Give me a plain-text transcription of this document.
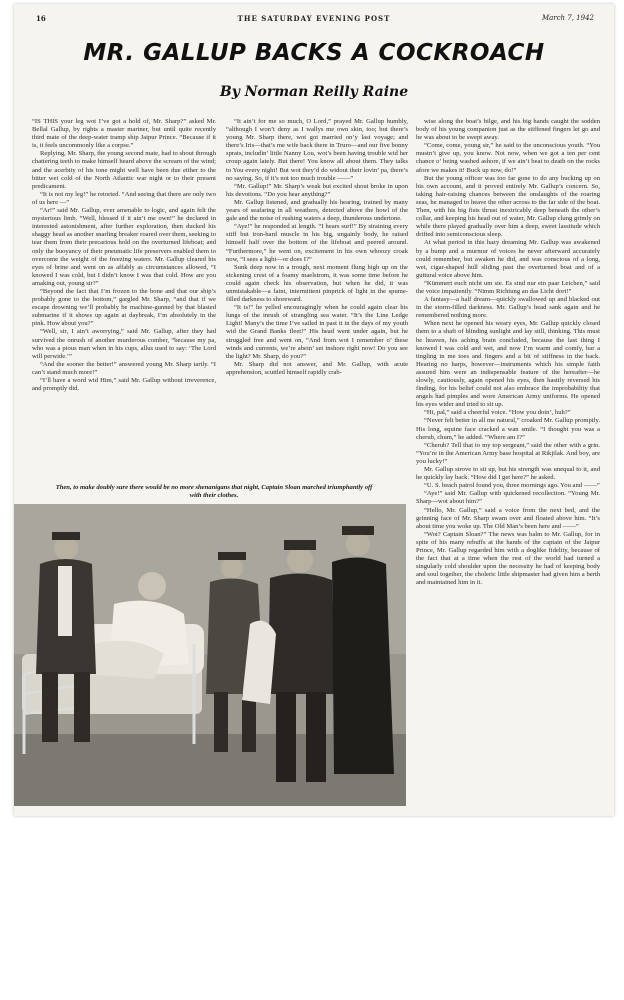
16	THE SATURDAY EVENING POST	March 7, 1942
MR. GALLUP BACKS A COCKROACH
By Norman Reilly Raine

“IS THIS your leg wot I’ve got a hold of, Mr. Sharp?” asked Mr. Bellal Gallup, by rights a master mariner, but until quite recently third mate of the deep-water tramp ship Jaipur Prince. “Because if it is, it feels uncommonly like a corpse.”

Replying, Mr. Sharp, the young second mate, had to shout through chattering teeth to make himself heard above the scream of the wind; and the acerbity of his tone might well have been due either to the bitter wet cold of the North Atlantic war night or to their present predicament.

“It is not my leg!” he retorted. “And seeing that there are only two of us here —”

“Ar!” said Mr. Gallup, ever amenable to logic, and again felt the mysterious limb. “Well, blessed if it ain’t me own!” he declared in interested astonishment, after further exploration, then ducked his shaggy head as another snarling breaker roared over them, seeking to tear them from their precarious hold on the overturned lifeboat; and only the buoyancy of their pneumatic life preservers enabled them to overcome the weight of the freezing waters. Mr. Gallup cleared his eyes of brine and went on as affably as circumstances allowed, “I knowed I was cold, but I didn’t know I was that cold. How are you amaking out, young sir?”

“Beyond the fact that I’m frozen to the bone and that our ship’s probably gone to the bottom,” gargled Mr. Sharp, “and that if we escape drowning we’ll probably be machine-gunned by that blasted submarine if it shows up again at daybreak, I’m absolutely in the pink. How about you?”

“Well, sir, I ain’t aworrying,” said Mr. Gallup, after they had survived the onrush of another murderous comber, “because my pa, who was a pious man when in his cups, allus used to say: ‘The Lord will perwide.’”

“And the sooner the better!” answered young Mr. Sharp tartly. “I can’t stand much more!”

“I’ll have a word wid Him,” said Mr. Gallup without irreverence, and promptly did.

“It ain’t for me so much, O Lord,” prayed Mr. Gallup humbly, “although I won’t deny as I wallys me own skin, too; but there’s young Mr. Sharp there, wot got married on’y last voyage; and there’s Iris—that’s me wife back there in Truro—and our five bonny sprats, includin’ little Nanny Lou, wot’s been having trouble wid her croup again lately. But there! You know all about them. They talks to You every night! But wot they’d do widout their lovin’ pa, there’s no saying. So, if it’s not too much trouble ——”

“Mr. Gallup!” Mr. Sharp’s weak but excited shout broke in upon his devotions. “Do you hear anything?”

Mr. Gallup listened, and gradually his hearing, trained by many years of seafaring in all weathers, detected above the howl of the gale and the noise of rushing waters a deep, thunderous undertone.

“Aye!” he responded at length. “I hears surf!” By straining every stiff but iron-hard muscle in his big, ungainly body, he raised himself half over the bottom of the lifeboat and peered around. “Furthermore,” he went on, excitement in his own whoozy croak now, “I sees a light—or does I?”

Sunk deep now in a trough, next moment flung high up on the sickening crest of a foamy maelstrom, it was some time before he could again check his observation, but when he did, it was unmistakable—a faint, intermittent pinprick of light in the spume-filled darkness to shoreward.

“It is!” he yelled encouragingly when he could again clear his lungs of the inrush of strangling sea water. “It’s the Line Ledge Light! Many’s the time I’ve sailed in past it in the days of my youth wid the Grand Banks fleet!” His head went under again, but he struggled free and went on, “And from wot I remember o’ these winds and currents, we’re abein’ set inshore right now! Do you see the light? Mr. Sharp, do you?”

Mr. Sharp did not answer, and Mr. Gallup, with acute apprehension, scuttled himself rapidly crab-

wise along the boat’s bilge, and his big hands caught the sodden body of his young companion just as the stiffened fingers let go and he was about to be swept away.

“Come, come, young sir,” he said to the unconscious youth. “You mustn’t give up, you know. Not now, when we got a ten per cent chance o’ being washed ashore, if we ain’t beat to death on the rocks afore we makes it! Buck up now, do!”

But the young officer was too far gone to do any bucking up on his own account, and it proved entirely Mr. Gallup’s concern. So, taking hair-raising chances between the onslaughts of the roaring seas, he managed to heave the other across to the far side of the boat. Then, with his big fists thrust inextricably deep beneath the other’s collar, and keeping his head out of water, Mr. Gallup clung grimly on while there played gradually over him a deep, sweet lassitude which drifted into semiconscious sleep.

At what period in this hazy dreaming Mr. Gallup was awakened by a bump and a murmur of voices he never afterward accurately could remember, but awaken he did, and was conscious of a long, wet, cigar-shaped hull sliding past the overturned boat and of a guttural voice above him.

“Kümmert euch nicht um sie. Es sind nur ein paar Leichen,” said the voice impatiently. “Nimm Richtung an das Licht dort!”

A fantasy—a half dream—quickly swallowed up and blacked out in the storm-filled darkness. Mr. Gallup’s head sank again and he remembered nothing more.

When next he opened his weary eyes, Mr. Gallup quickly closed them to a shaft of blinding sunlight and lay still, thinking. This must be heaven, his aching brain concluded, because the last thing I knowed I was cold and wet, and now I’m warm and comfy, bar a tingling in me toes and fingers and a bit of stiffness in the back. Hearing no harps, however—instruments which his simple faith assured him were an indispensable feature of the hereafter—he slowly, cautiously, again opened his eyes, then hastily reversed his finding, for his belief could not also embrace the improbability that angels had pimples and wore American Army uniforms. He opened his eyes wider and tried to sit up.

“Hi, pal,” said a cheerful voice. “How you doin’, huh?”

“Never felt better in all me natural,” croaked Mr. Gallup promptly. His long, equine face cracked a wan smile. “I thought you was a cherub, chum,” he added. “Where am I?”

“Cherub? Tell that to my top sergeant,” said the other with a grin. “You’re in the American Army base hospital at Rikjilak. And boy, are you lucky!”

Mr. Gallup strove to sit up, but his strength was unequal to it, and he quickly lay back. “How did I get here?” he asked.

“U. S. beach patrol found you, three mornings ago. You and ——”

“Aye!” said Mr. Gallup with quickened recollection. “Young Mr. Sharp—wot about him?”

“Hello, Mr. Gallup,” said a voice from the next bed, and the grinning face of Mr. Sharp swam over and floated above him. “It’s about time you woke up. The Old Man’s been here and ——”

“Wot? Captain Sloan?” The news was balm to Mr. Gallup, for in spite of his many rebuffs at the hands of the captain of the Jaipur Prince, Mr. Gallup regarded him with a doglike fidelity, because of the fact that at a time when the rest of the world had turned a singularly cold shoulder upon the necessity he had of keeping body and soul together, the choleric little shipmaster had given him a berth and maintained him in it.

Then, to make doubly sure there would be no more shenanigans that night, Captain Sloan marched triumphantly off with their clothes.
